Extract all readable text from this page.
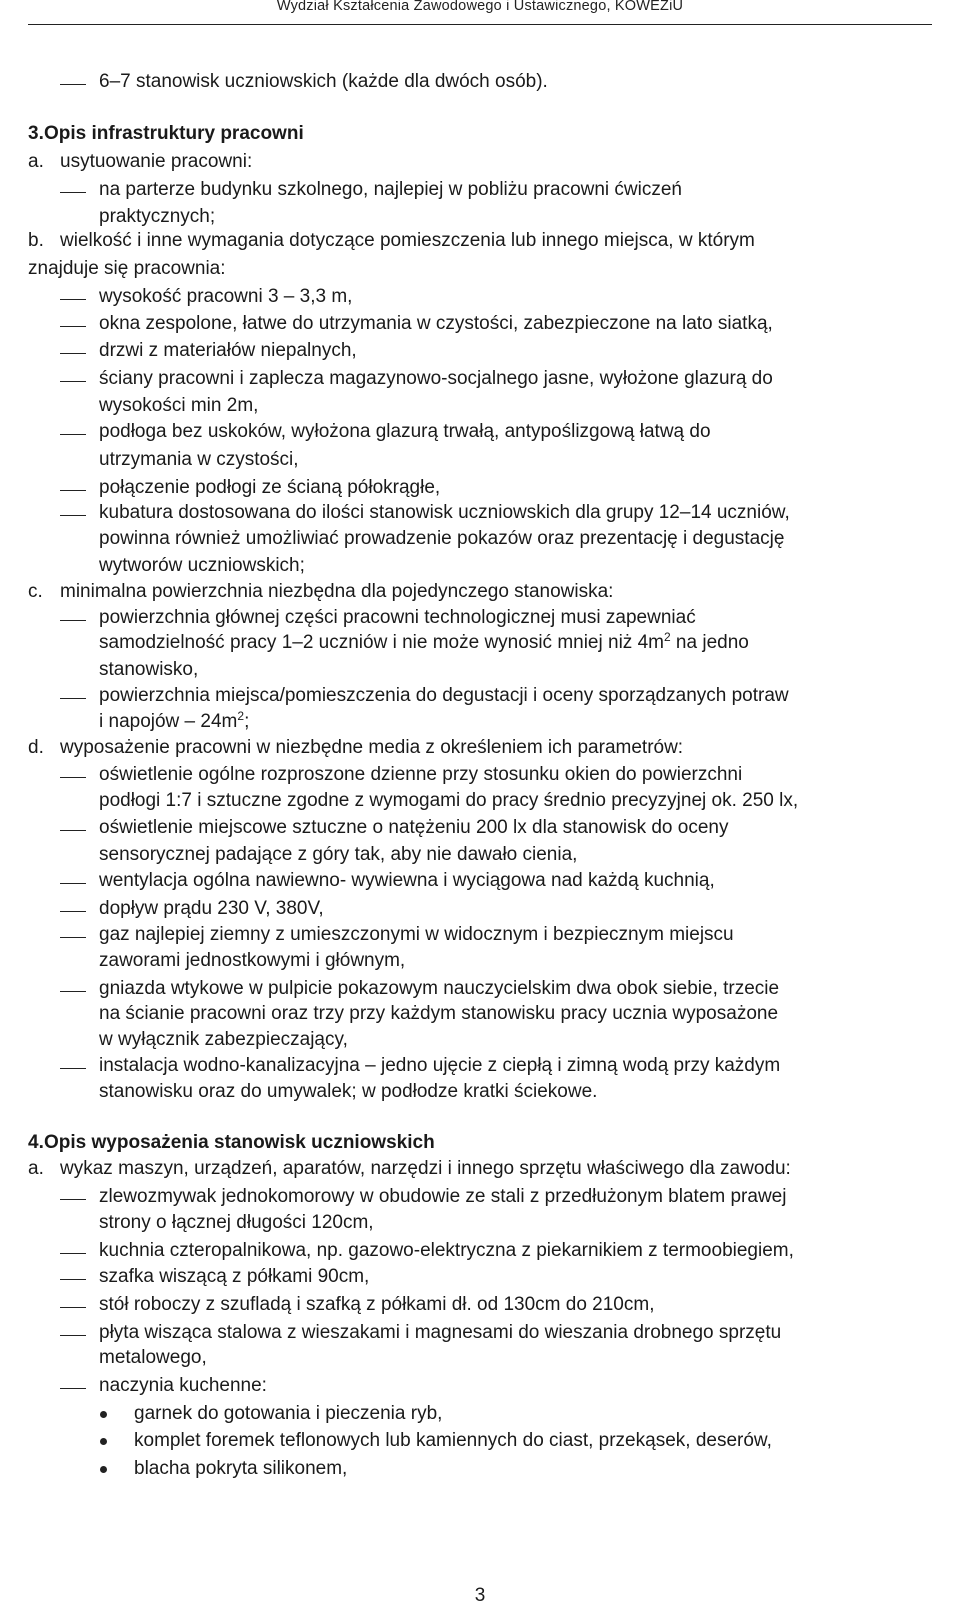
Wydział Kształcenia Zawodowego i Ustawicznego, KOWEZiU
6–7 stanowisk uczniowskich (każde dla dwóch osób).
3. Opis infrastruktury pracowni
a. usytuowanie pracowni:
na parterze budynku szkolnego, najlepiej w pobliżu pracowni ćwiczeń
praktycznych;
b. wielkość i inne wymagania dotyczące pomieszczenia lub innego miejsca, w którym
znajduje się pracownia:
wysokość pracowni 3 – 3,3 m,
okna zespolone, łatwe do utrzymania w czystości, zabezpieczone na lato siatką,
drzwi z materiałów niepalnych,
ściany pracowni i zaplecza magazynowo-socjalnego jasne, wyłożone glazurą do
wysokości min 2m,
podłoga bez uskoków, wyłożona glazurą trwałą, antypoślizgową łatwą do
utrzymania w czystości,
połączenie podłogi ze ścianą półokrągłe,
kubatura dostosowana do ilości stanowisk uczniowskich dla grupy 12–14 uczniów,
powinna również umożliwiać prowadzenie pokazów oraz prezentację i degustację
wytworów uczniowskich;
c. minimalna powierzchnia niezbędna dla pojedynczego stanowiska:
powierzchnia głównej części pracowni technologicznej musi zapewniać
samodzielność pracy 1–2 uczniów i nie może wynosić mniej niż $4m^2$ na jedno
stanowisko,
powierzchnia miejsca/pomieszczenia do degustacji i oceny sporządzanych potraw
i napojów – $24m^2$;
d. wyposażenie pracowni w niezbędne media z określeniem ich parametrów:
oświetlenie ogólne rozproszone dzienne przy stosunku okien do powierzchni
podłogi 1:7 i sztuczne zgodne z wymogami do pracy średnio precyzyjnej ok. 250 lx,
oświetlenie miejscowe sztuczne o natężeniu 200 lx dla stanowisk do oceny
sensorycznej padające z góry tak, aby nie dawało cienia,
wentylacja ogólna nawiewno- wywiewna i wyciągowa nad każdą kuchnią,
dopływ prądu 230 V, 380V,
gaz najlepiej ziemny z umieszczonymi w widocznym i bezpiecznym miejscu
zaworami jednostkowymi i głównym,
gniazda wtykowe w pulpicie pokazowym nauczycielskim dwa obok siebie, trzecie
na ścianie pracowni oraz trzy przy każdym stanowisku pracy ucznia wyposażone
w wyłącznik zabezpieczający,
instalacja wodno-kanalizacyjna – jedno ujęcie z ciepłą i zimną wodą przy każdym
stanowisku oraz do umywalek; w podłodze kratki ściekowe.
4. Opis wyposażenia stanowisk uczniowskich
a. wykaz maszyn, urządzeń, aparatów, narzędzi i innego sprzętu właściwego dla zawodu:
zlewozmywak jednokomorowy w obudowie ze stali z przedłużonym blatem prawej
strony o łącznej długości 120cm,
kuchnia czteropalnikowa, np. gazowo-elektryczna z piekarnikiem z termoobiegiem,
szafka wiszącą z półkami 90cm,
stół roboczy z szufladą i szafką z półkami dł. od 130cm do 210cm,
płyta wisząca stalowa z wieszakami i magnesami do wieszania drobnego sprzętu
metalowego,
naczynia kuchenne:
garnek do gotowania i pieczenia ryb,
komplet foremek teflonowych lub kamiennych do ciast, przekąsek, deserów,
blacha pokryta silikonem,
3
